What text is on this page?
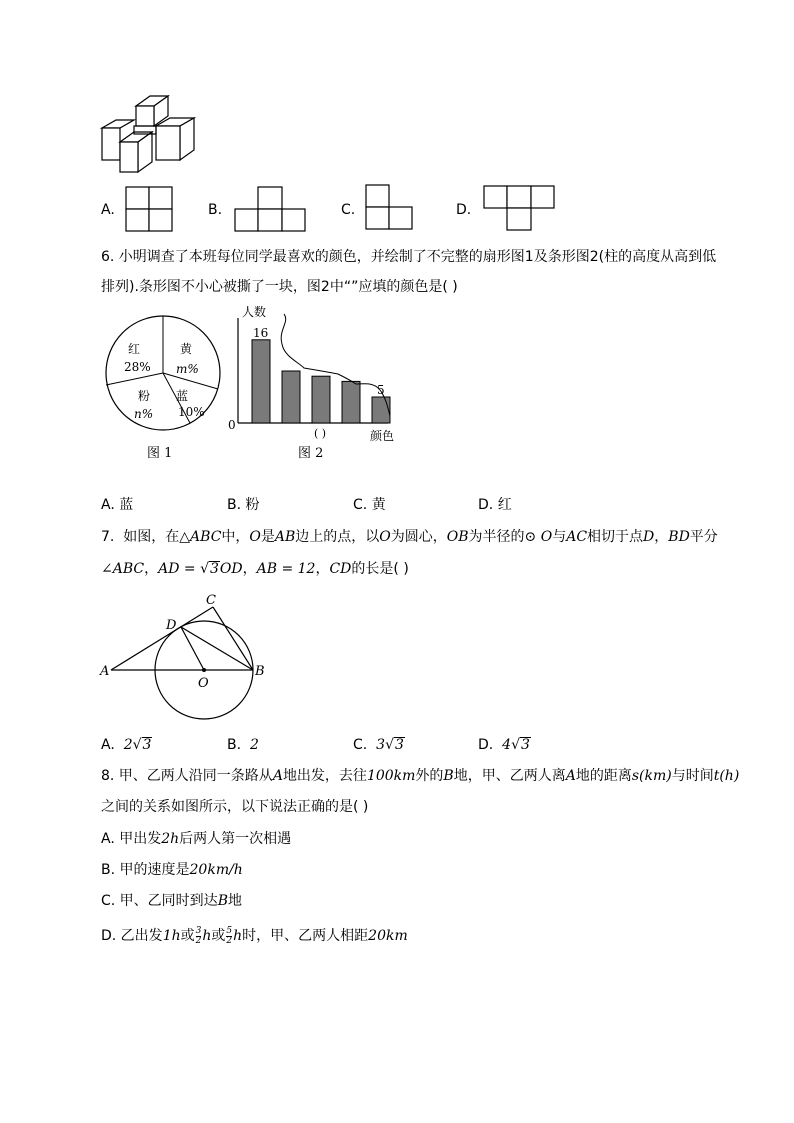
A.	B.	C.	D.
6. 小明调查了本班每位同学最喜欢的颜色，并绘制了不完整的扇形图1及条形图2(柱的高度从高到低
排列).条形图不小心被撕了一块，图2中“”应填的颜色是( )
红
28%
黄
m%
粉
n%
蓝
10%
图 1
人数
0
16
5
( )	颜色
图 2
A. 蓝	B. 粉	C. 黄	D. 红
7. 如图，在△ABC中，O是AB边上的点，以O为圆心，OB为半径的⊙ O与AC相切于点D，BD平分
∠ABC，AD = √3OD，AB = 12，CD的长是( )
A	B
C
D
O
A. 2√3	B. 2	C. 3√3	D. 4√3
8. 甲、乙两人沿同一条路从A地出发，去往100km外的B地，甲、乙两人离A地的距离s(km)与时间t(h)
之间的关系如图所示，以下说法正确的是( )
A. 甲出发2h后两人第一次相遇
B. 甲的速度是20km/h
C. 甲、乙同时到达B地
D. 乙出发1h或 $\frac{3}{2}$ h或 $\frac{5}{2}$ h时，甲、乙两人相距20km
